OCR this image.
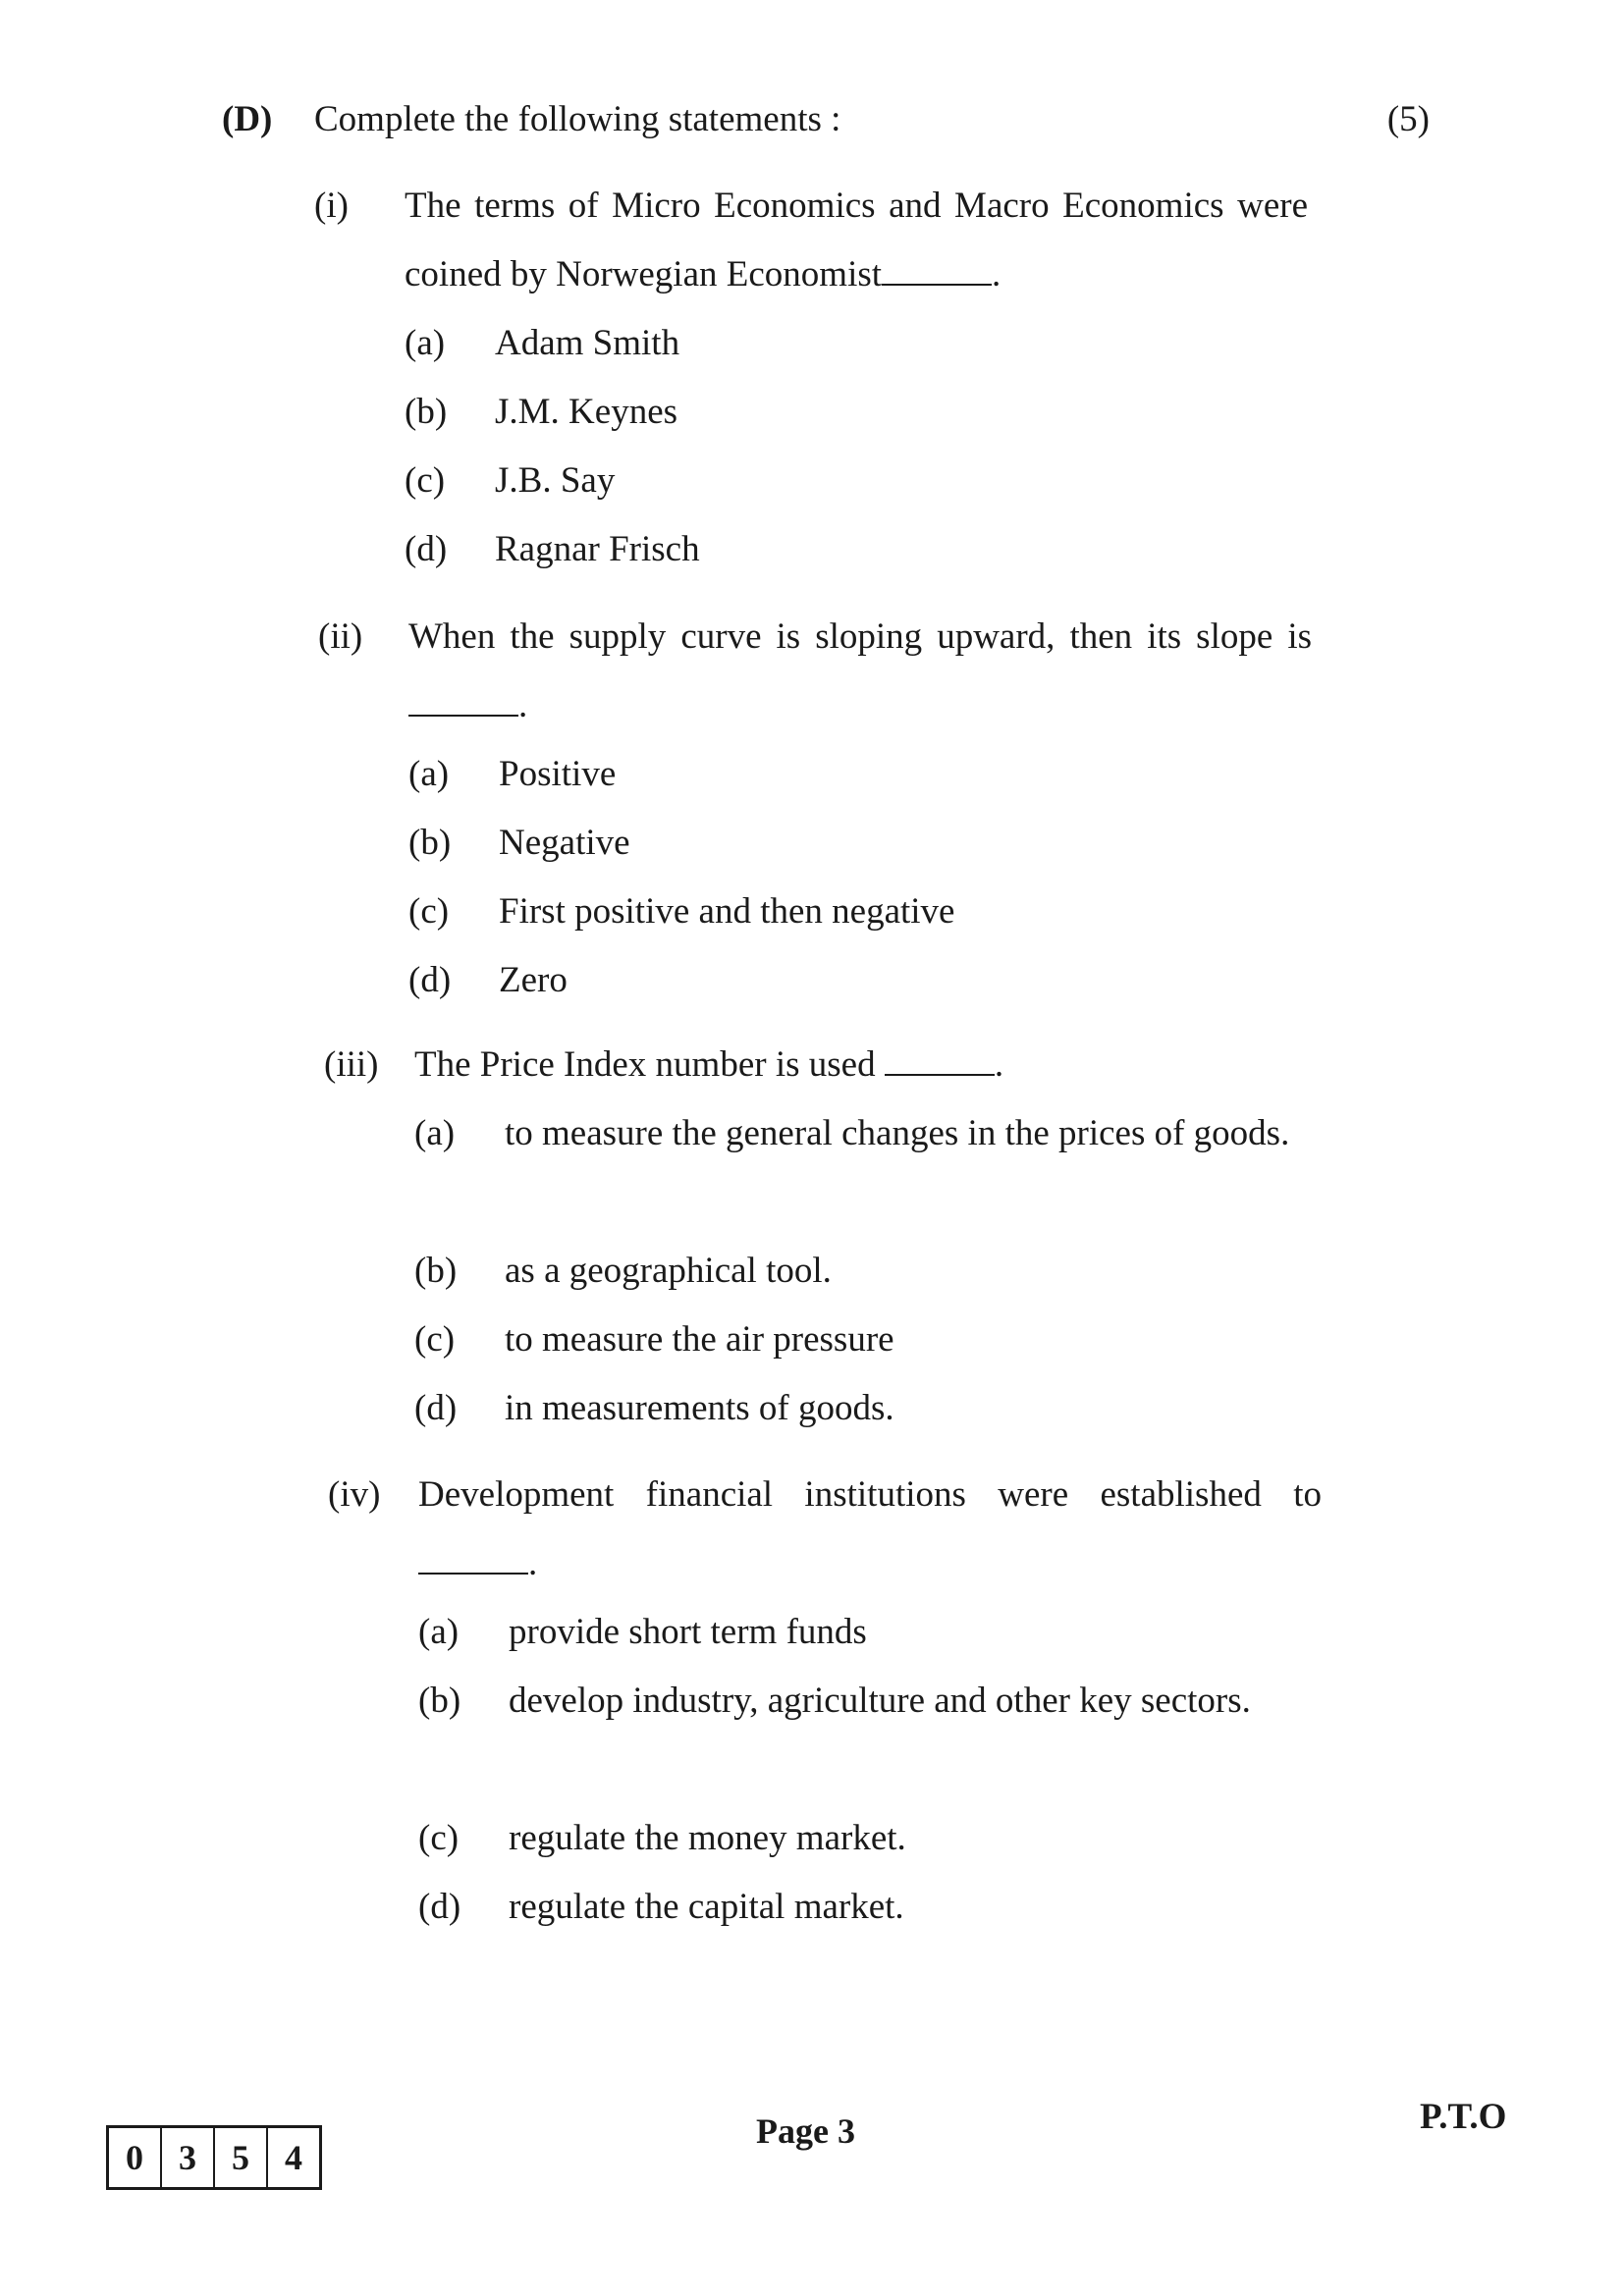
(D) Complete the following statements :	(5)
(i) The terms of Micro Economics and Macro Economics were coined by Norwegian Economist	.

(a) Adam Smith
(b) J.M. Keynes
(c) J.B. Say
(d) Ragnar Frisch
(ii) When the supply curve is sloping upward, then its slope is .

(a) Positive
(b) Negative
(c) First positive and then negative
(d) Zero
(iii) The Price Index number is used	.

(a) to measure the general changes in the prices of goods.
(b) as a geographical tool.
(c) to measure the air pressure
(d) in measurements of goods.
(iv) Development financial institutions were established to .

(a) provide short term funds
(b) develop industry, agriculture and other key sectors.
(c) regulate the money market.
(d) regulate the capital market.
0	3	5	4
Page 3	P.T.O
